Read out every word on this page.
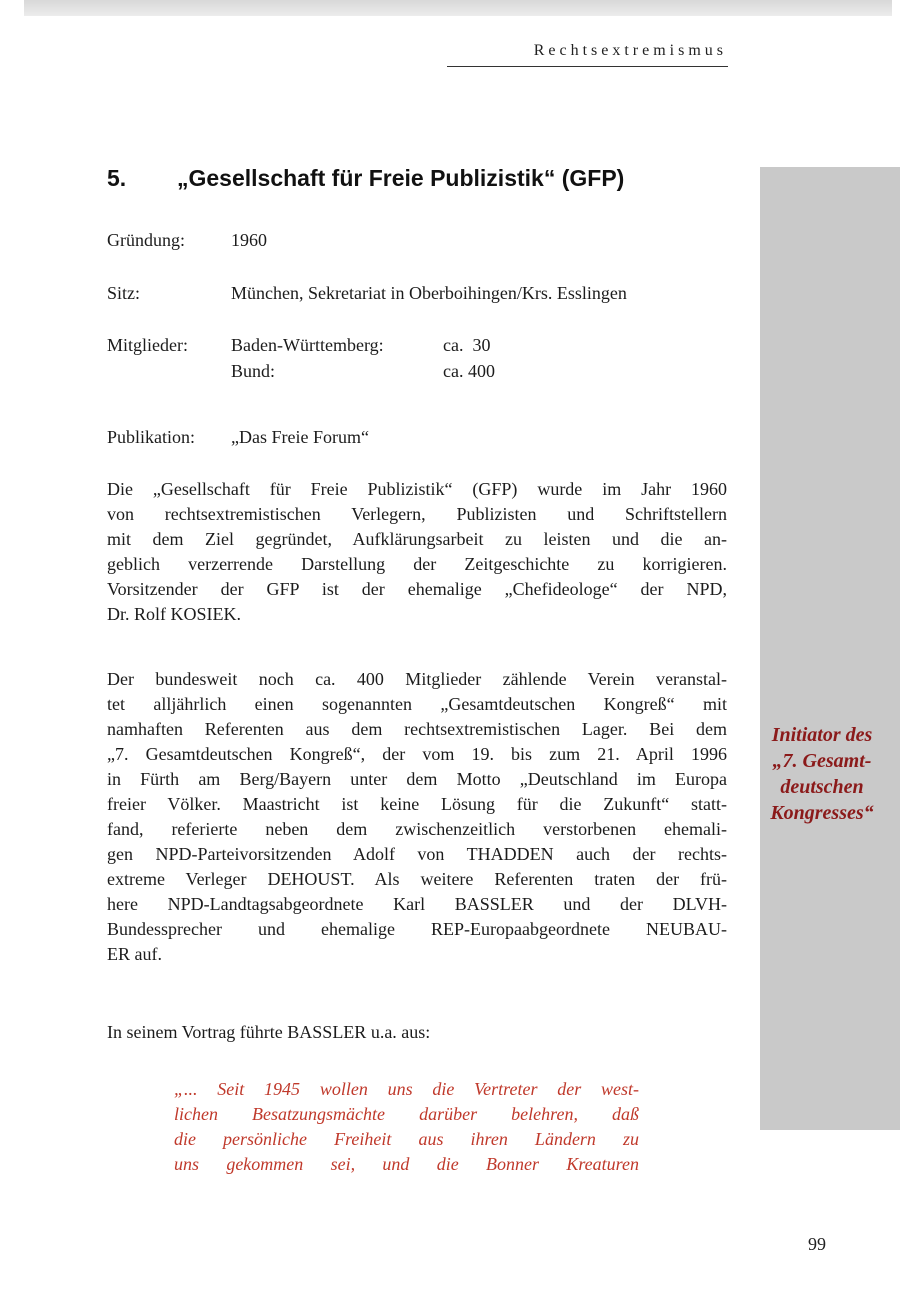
Rechtsextremismus
Initiator des
„7. Gesamt-
deutschen
Kongresses“
5. „Gesellschaft für Freie Publizistik“ (GFP)
Gründung:	1960
Sitz:	München, Sekretariat in Oberboihingen/Krs. Esslingen
Mitglieder: Baden-Württemberg:	ca.  30
Bund:	ca. 400
Publikation: „Das Freie Forum“
Die „Gesellschaft für Freie Publizistik“ (GFP) wurde im Jahr 1960
von rechtsextremistischen Verlegern, Publizisten und Schriftstellern
mit dem Ziel gegründet, Aufklärungsarbeit zu leisten und die an-
geblich verzerrende Darstellung der Zeitgeschichte zu korrigieren.
Vorsitzender der GFP ist der ehemalige „Chefideologe“ der NPD,
Dr. Rolf KOSIEK.
Der bundesweit noch ca. 400 Mitglieder zählende Verein veranstal-
tet alljährlich einen sogenannten „Gesamtdeutschen Kongreß“ mit
namhaften Referenten aus dem rechtsextremistischen Lager. Bei dem
„7. Gesamtdeutschen Kongreß“, der vom 19. bis zum 21. April 1996
in Fürth am Berg/Bayern unter dem Motto „Deutschland im Europa
freier Völker. Maastricht ist keine Lösung für die Zukunft“ statt-
fand, referierte neben dem zwischenzeitlich verstorbenen ehemali-
gen NPD-Parteivorsitzenden Adolf von THADDEN auch der rechts-
extreme Verleger DEHOUST. Als weitere Referenten traten der frü-
here NPD-Landtagsabgeordnete Karl BASSLER und der DLVH-
Bundessprecher und ehemalige REP-Europaabgeordnete NEUBAU-
ER auf.
In seinem Vortrag führte BASSLER u.a. aus:
„... Seit 1945 wollen uns die Vertreter der west-
lichen Besatzungsmächte darüber belehren, daß
die persönliche Freiheit aus ihren Ländern zu
uns gekommen sei, und die Bonner Kreaturen
99
